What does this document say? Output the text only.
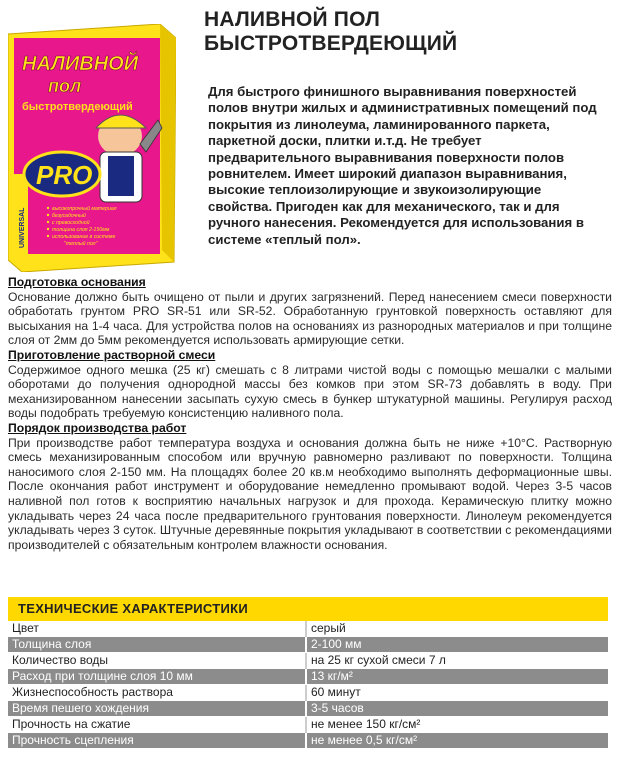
НАЛИВНОЙ
пол
быстротвердеющий
PRO
UNIVERSAL	высокопрочный материал
безусадочный
с превосходной
толщина слоя 2-150мм
использование в системе
"теплый пол"
НАЛИВНОЙ ПОЛ
БЫСТРОТВЕРДЕЮЩИЙ
Для быстрого финишного выравнивания поверхностей полов внутри жилых и административных помещений под покрытия из линолеума, ламинированного паркета, паркетной доски, плитки и.т.д. Не требует предварительного выравнивания поверхности полов ровнителем. Имеет широкий диапазон выравнивания, высокие теплоизолирующие и звукоизолирующие свойства. Пригоден как для механического, так и для ручного нанесения. Рекомендуется для использования в системе «теплый пол».
Подготовка основания
Основание должно быть очищено от пыли и других загрязнений. Перед нанесением смеси поверхности обработать грунтом PRO SR-51 или SR-52. Обработанную грунтовкой поверхность оставляют для высыхания на 1-4 часа. Для устройства полов на основаниях из разнородных материалов и при толщине слоя от 2мм до 5мм рекомендуется использовать армирующие сетки.
Приготовление растворной смеси
Содержимое одного мешка (25 кг) смешать с 8 литрами чистой воды с помощью мешалки с малыми оборотами до получения однородной массы без комков при этом SR-73 добавлять в воду. При механизированном нанесении засыпать сухую смесь в бункер штукатурной машины. Регулируя расход воды подобрать требуемую консистенцию наливного пола.
Порядок производства работ
При производстве работ температура воздуха и основания должна быть не ниже +10°С. Растворную смесь механизированным способом или вручную равномерно разливают по поверхности. Толщина наносимого слоя 2-150 мм. На площадях более 20 кв.м необходимо выполнять деформационные швы. После окончания работ инструмент и оборудование немедленно промывают водой. Через 3-5 часов наливной пол готов к восприятию начальных нагрузок и для прохода. Керамическую плитку можно укладывать через 24 часа после предварительного грунтования поверхности. Линолеум рекомендуется укладывать через 3 суток. Штучные деревянные покрытия укладывают в соответствии с рекомендациями производителей с обязательным контролем влажности основания.
ТЕХНИЧЕСКИЕ ХАРАКТЕРИСТИКИ
Цвет	серый
Толщина слоя	2-100 мм
Количество воды	на 25 кг сухой смеси 7 л
Расход при толщине слоя 10 мм	13 кг/м²
Жизнеспособность раствора	60 минут
Время пешего хождения	3-5 часов
Прочность на сжатие	не менее 150 кг/см²
Прочность сцепления	не менее 0,5 кг/см²
